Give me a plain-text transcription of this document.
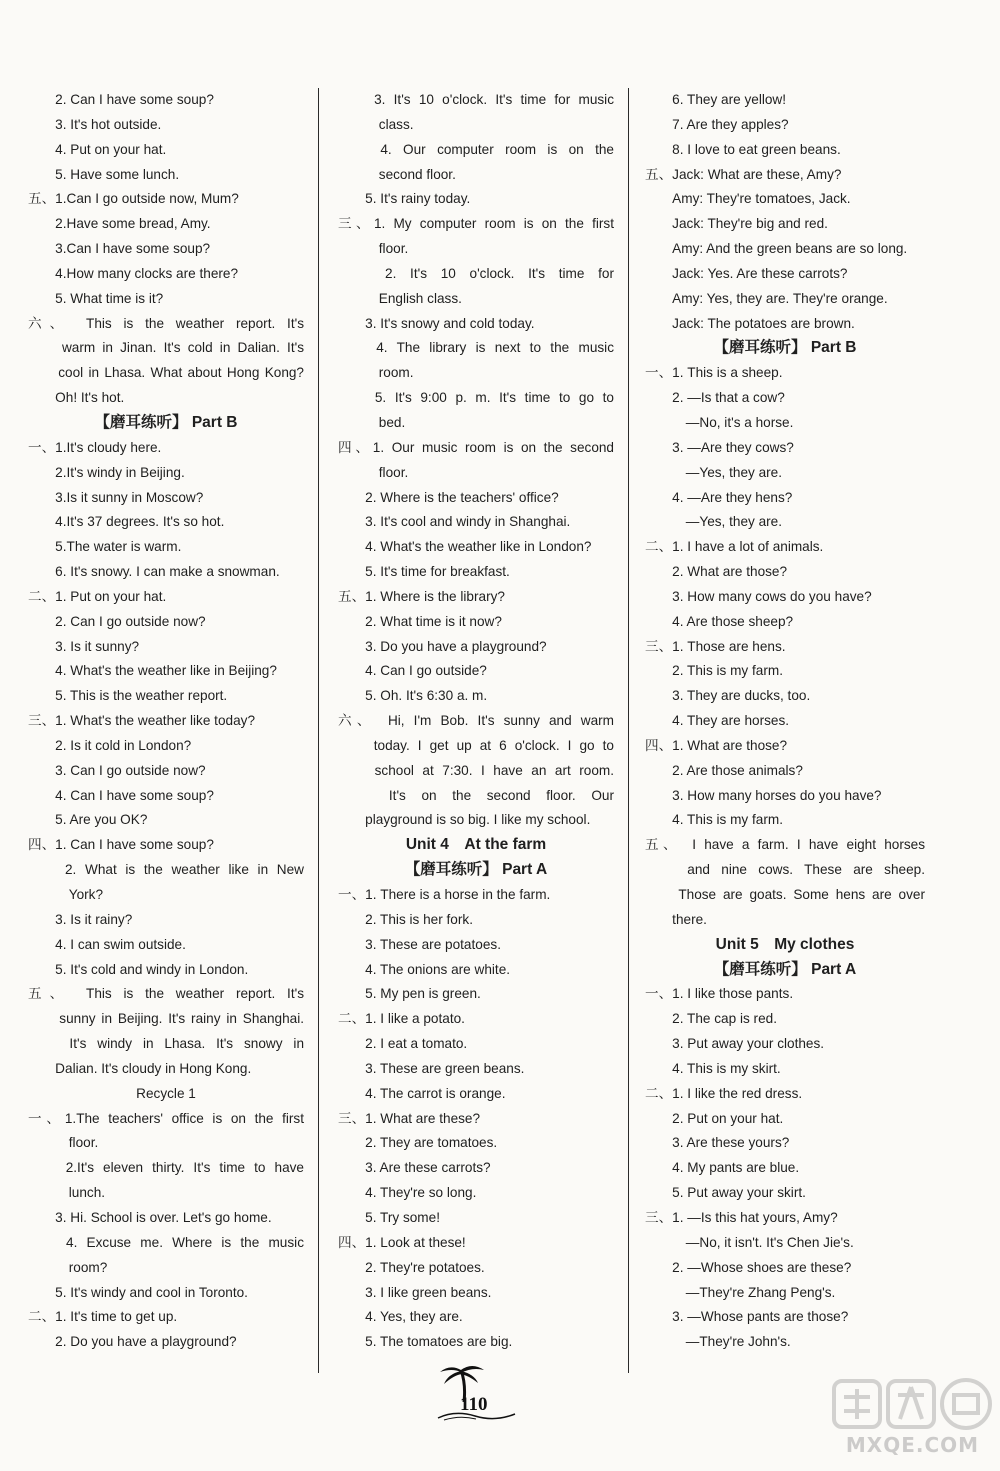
　　2. Can I have some soup?
　　3. It's hot outside.
　　4. Put on your hat.
　　5. Have some lunch.
五、1.Can I go outside now, Mum?
　　2.Have some bread, Amy.
　　3.Can I have some soup?
　　4.How many clocks are there?
　　5. What time is it?
六、　This is the weather report. It's
　　warm in Jinan. It's cold in Dalian. It's
　　cool in Lhasa. What about Hong Kong?
　　Oh! It's hot.
【磨耳练听】 Part B
一、1.It's cloudy here.
　　2.It's windy in Beijing.
　　3.Is it sunny in Moscow?
　　4.It's 37 degrees. It's so hot.
　　5.The water is warm.
　　6. It's snowy. I can make a snowman.
二、1. Put on your hat.
　　2. Can I go outside now?
　　3. Is it sunny?
　　4. What's the weather like in Beijing?
　　5. This is the weather report.
三、1. What's the weather like today?
　　2. Is it cold in London?
　　3. Can I go outside now?
　　4. Can I have some soup?
　　5. Are you OK?
四、1. Can I have some soup?
　　2. What is the weather like in New
　　　York?
　　3. Is it rainy?
　　4. I can swim outside.
　　5. It's cold and windy in London.
五、　This is the weather report. It's
　　sunny in Beijing. It's rainy in Shanghai.
　　It's windy in Lhasa. It's snowy in
　　Dalian. It's cloudy in Hong Kong.
Recycle 1
一、1.The teachers' office is on the first
　　　floor.
　　2.It's eleven thirty. It's time to have
　　　lunch.
　　3. Hi. School is over. Let's go home.
　　4. Excuse me. Where is the music
　　　room?
　　5. It's windy and cool in Toronto.
二、1. It's time to get up.
　　2. Do you have a playground?
　　3. It's 10 o'clock. It's time for music
　　　class.
　　4. Our computer room is on the
　　　second floor.
　　5. It's rainy today.
三、1. My computer room is on the first
　　　floor.
　　2. It's 10 o'clock. It's time for
　　　English class.
　　3. It's snowy and cold today.
　　4. The library is next to the music
　　　room.
　　5. It's 9:00 p. m. It's time to go to
　　　bed.
四、1. Our music room is on the second
　　　floor.
　　2. Where is the teachers' office?
　　3. It's cool and windy in Shanghai.
　　4. What's the weather like in London?
　　5. It's time for breakfast.
五、1. Where is the library?
　　2. What time is it now?
　　3. Do you have a playground?
　　4. Can I go outside?
　　5. Oh. It's 6:30 a. m.
六、　Hi, I'm Bob. It's sunny and warm
　　today. I get up at 6 o'clock. I go to
　　school at 7:30. I have an art room.
　　It's on the second floor. Our
　　playground is so big. I like my school.
Unit 4　At the farm
【磨耳练听】 Part A
一、1. There is a horse in the farm.
　　2. This is her fork.
　　3. These are potatoes.
　　4. The onions are white.
　　5. My pen is green.
二、1. I like a potato.
　　2. I eat a tomato.
　　3. These are green beans.
　　4. The carrot is orange.
三、1. What are these?
　　2. They are tomatoes.
　　3. Are these carrots?
　　4. They're so long.
　　5. Try some!
四、1. Look at these!
　　2. They're potatoes.
　　3. I like green beans.
　　4. Yes, they are.
　　5. The tomatoes are big.
　　6. They are yellow!
　　7. Are they apples?
　　8. I love to eat green beans.
五、Jack: What are these, Amy?
　　Amy: They're tomatoes, Jack.
　　Jack: They're big and red.
　　Amy: And the green beans are so long.
　　Jack: Yes. Are these carrots?
　　Amy: Yes, they are. They're orange.
　　Jack: The potatoes are brown.
【磨耳练听】 Part B
一、1. This is a sheep.
　　2. —Is that a cow?
　　　—No, it's a horse.
　　3. —Are they cows?
　　　—Yes, they are.
　　4. —Are they hens?
　　　—Yes, they are.
二、1. I have a lot of animals.
　　2. What are those?
　　3. How many cows do you have?
　　4. Are those sheep?
三、1. Those are hens.
　　2. This is my farm.
　　3. They are ducks, too.
　　4. They are horses.
四、1. What are those?
　　2. Are those animals?
　　3. How many horses do you have?
　　4. This is my farm.
五、　I have a farm. I have eight horses
　　and nine cows. These are sheep.
　　Those are goats. Some hens are over
　　there.
Unit 5　My clothes
【磨耳练听】 Part A
一、1. I like those pants.
　　2. The cap is red.
　　3. Put away your clothes.
　　4. This is my skirt.
二、1. I like the red dress.
　　2. Put on your hat.
　　3. Are these yours?
　　4. My pants are blue.
　　5. Put away your skirt.
三、1. —Is this hat yours, Amy?
　　　—No, it isn't. It's Chen Jie's.
　　2. —Whose shoes are these?
　　　—They're Zhang Peng's.
　　3. —Whose pants are those?
　　　—They're John's.
110
MXQE.COM
